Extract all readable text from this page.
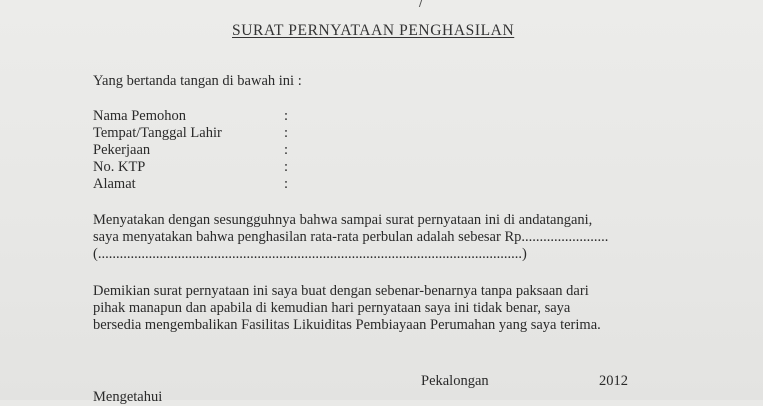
SURAT PERNYATAAN PENGHASILAN
Yang bertanda tangan di bawah ini :
Nama Pemohon	:
Tempat/Tanggal Lahir	:
Pekerjaan	:
No. KTP	:
Alamat	:
Menyatakan dengan sesungguhnya bahwa sampai surat pernyataan ini di andatangani,
saya menyatakan bahwa penghasilan rata-rata perbulan adalah sebesar Rp........................
(.....................................................................................................................)
Demikian surat pernyataan ini saya buat dengan sebenar-benarnya tanpa paksaan dari
pihak manapun dan apabila di kemudian hari pernyataan saya ini tidak benar, saya
bersedia mengembalikan Fasilitas Likuiditas Pembiayaan Perumahan yang saya terima.
Pekalongan	2012
Mengetahui
